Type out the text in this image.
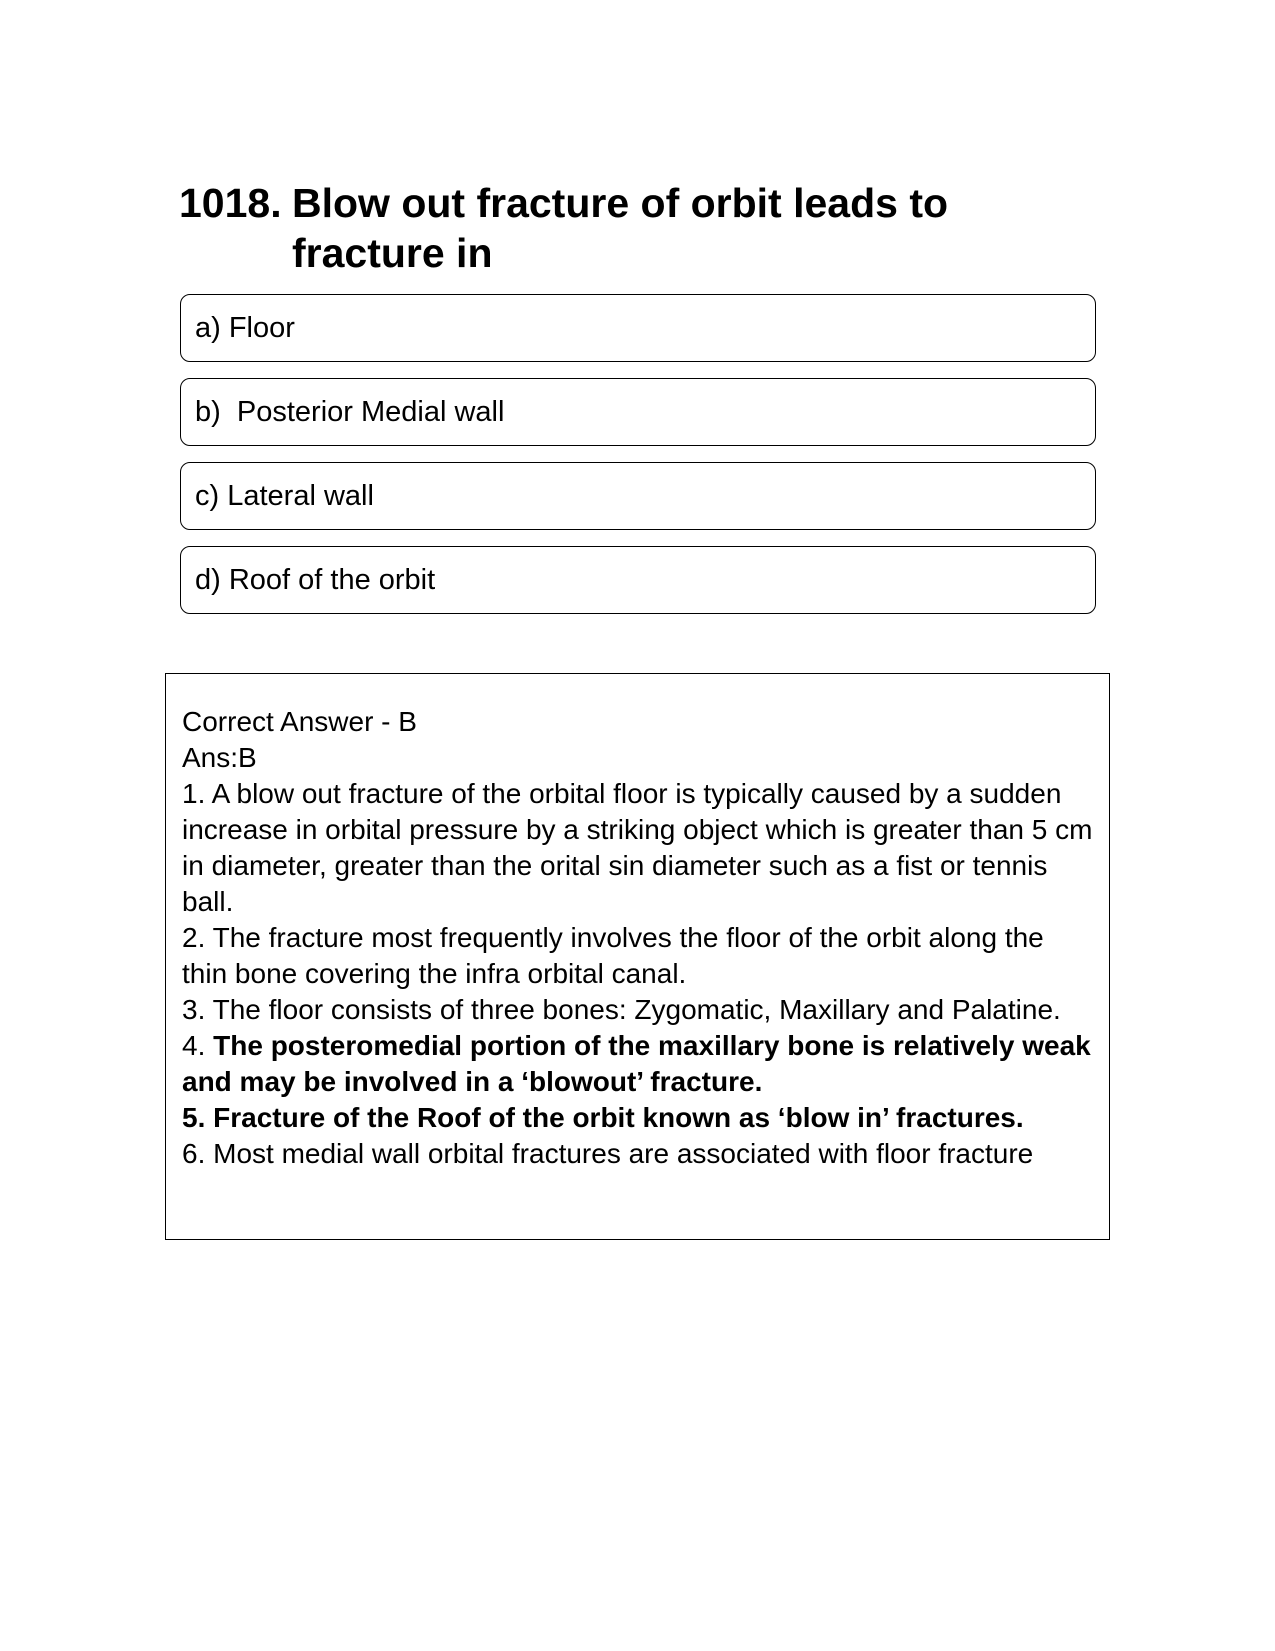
1018. Blow out fracture of orbit leads to fracture in
a) Floor
b)  Posterior Medial wall
c) Lateral wall
d) Roof of the orbit

Correct Answer - B

Ans:B

1. A blow out fracture of the orbital floor is typically caused by a sudden increase in orbital pressure by a striking object which is greater than 5 cm in diameter, greater than the orital sin diameter such as a fist or tennis ball.

2. The fracture most frequently involves the floor of the orbit along the thin bone covering the infra orbital canal.

3. The floor consists of three bones: Zygomatic, Maxillary and Palatine.

4. The posteromedial portion of the maxillary bone is relatively weak and may be involved in a ‘blowout’ fracture.

5. Fracture of the Roof of the orbit known as ‘blow in’ fractures.

6. Most medial wall orbital fractures are associated with floor fracture
